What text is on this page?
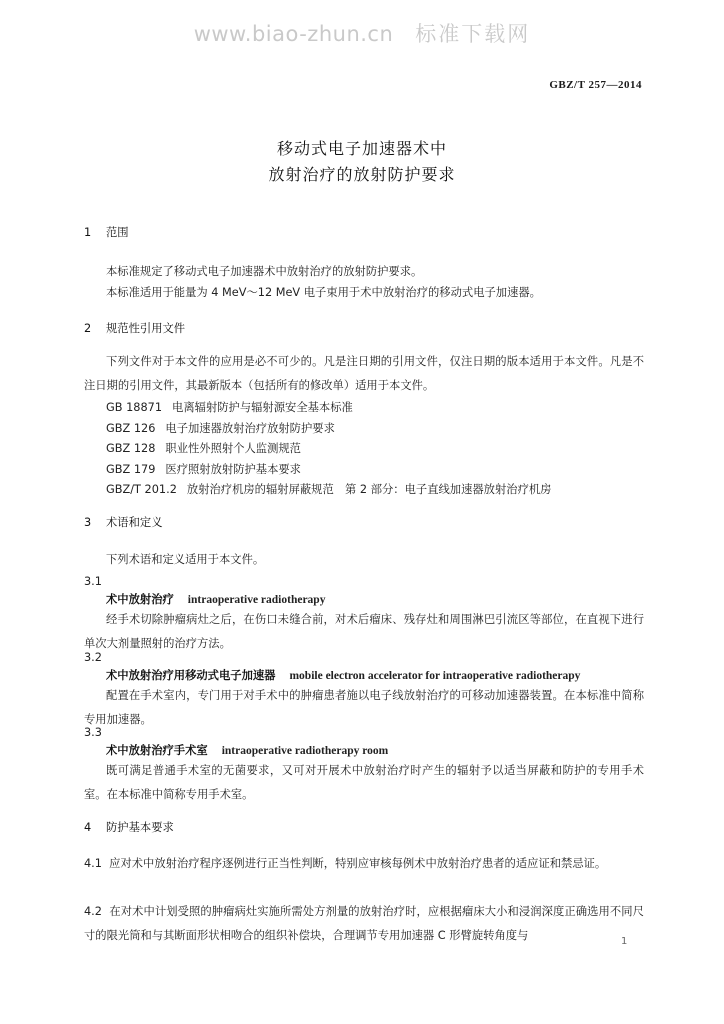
www.biao-zhun.cn 标准下载网
GBZ/T 257—2014
移动式电子加速器术中
放射治疗的放射防护要求
1 范围
本标准规定了移动式电子加速器术中放射治疗的放射防护要求。
本标准适用于能量为 4 MeV～12 MeV 电子束用于术中放射治疗的移动式电子加速器。
2 规范性引用文件
下列文件对于本文件的应用是必不可少的。凡是注日期的引用文件，仅注日期的版本适用于本文件。凡是不注日期的引用文件，其最新版本（包括所有的修改单）适用于本文件。
GB 18871 电离辐射防护与辐射源安全基本标准
GBZ 126 电子加速器放射治疗放射防护要求
GBZ 128 职业性外照射个人监测规范
GBZ 179 医疗照射放射防护基本要求
GBZ/T 201.2 放射治疗机房的辐射屏蔽规范　第 2 部分：电子直线加速器放射治疗机房
3 术语和定义
下列术语和定义适用于本文件。
3.1
术中放射治疗 intraoperative radiotherapy
经手术切除肿瘤病灶之后，在伤口未缝合前，对术后瘤床、残存灶和周围淋巴引流区等部位，在直视下进行单次大剂量照射的治疗方法。
3.2
术中放射治疗用移动式电子加速器 mobile electron accelerator for intraoperative radiotherapy
配置在手术室内，专门用于对手术中的肿瘤患者施以电子线放射治疗的可移动加速器装置。在本标准中简称专用加速器。
3.3
术中放射治疗手术室 intraoperative radiotherapy room
既可满足普通手术室的无菌要求，又可对开展术中放射治疗时产生的辐射予以适当屏蔽和防护的专用手术室。在本标准中简称专用手术室。
4 防护基本要求
4.1 应对术中放射治疗程序逐例进行正当性判断，特别应审核每例术中放射治疗患者的适应证和禁忌证。
4.2 在对术中计划受照的肿瘤病灶实施所需处方剂量的放射治疗时，应根据瘤床大小和浸润深度正确选用不同尺寸的限光筒和与其断面形状相吻合的组织补偿块，合理调节专用加速器 C 形臂旋转角度与	1
